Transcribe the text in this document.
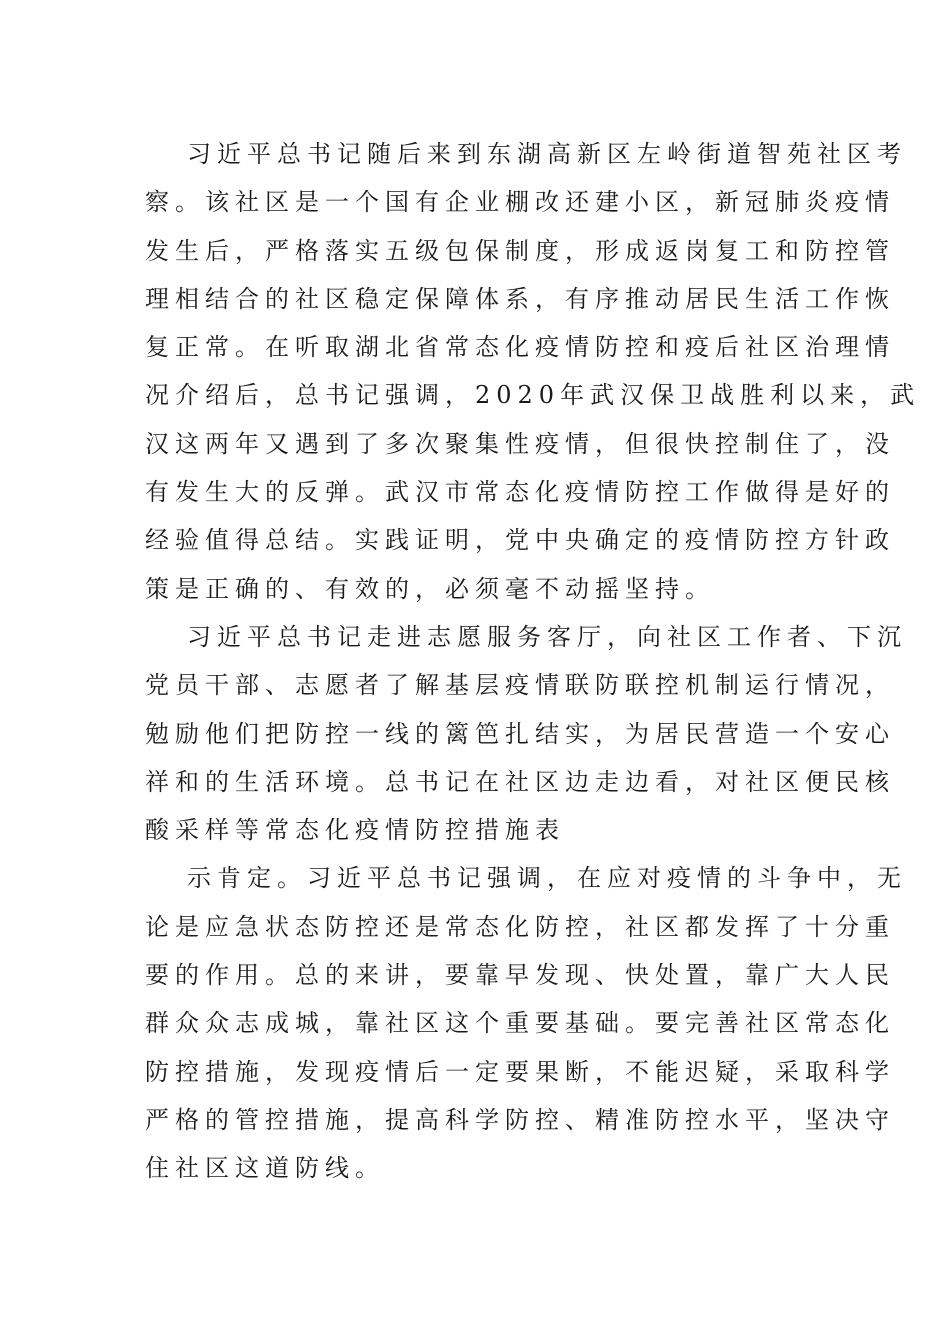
习近平总书记随后来到东湖高新区左岭街道智苑社区考
察。该社区是一个国有企业棚改还建小区，新冠肺炎疫情
发生后，严格落实五级包保制度，形成返岗复工和防控管
理相结合的社区稳定保障体系，有序推动居民生活工作恢
复正常。在听取湖北省常态化疫情防控和疫后社区治理情
况介绍后，总书记强调，2020年武汉保卫战胜利以来，武
汉这两年又遇到了多次聚集性疫情，但很快控制住了，没
有发生大的反弹。武汉市常态化疫情防控工作做得是好的
经验值得总结。实践证明，党中央确定的疫情防控方针政
策是正确的、有效的，必须毫不动摇坚持。
习近平总书记走进志愿服务客厅，向社区工作者、下沉
党员干部、志愿者了解基层疫情联防联控机制运行情况，
勉励他们把防控一线的篱笆扎结实，为居民营造一个安心
祥和的生活环境。总书记在社区边走边看，对社区便民核
酸采样等常态化疫情防控措施表
示肯定。习近平总书记强调，在应对疫情的斗争中，无
论是应急状态防控还是常态化防控，社区都发挥了十分重
要的作用。总的来讲，要靠早发现、快处置，靠广大人民
群众众志成城，靠社区这个重要基础。要完善社区常态化
防控措施，发现疫情后一定要果断，不能迟疑，采取科学
严格的管控措施，提高科学防控、精准防控水平，坚决守
住社区这道防线。
